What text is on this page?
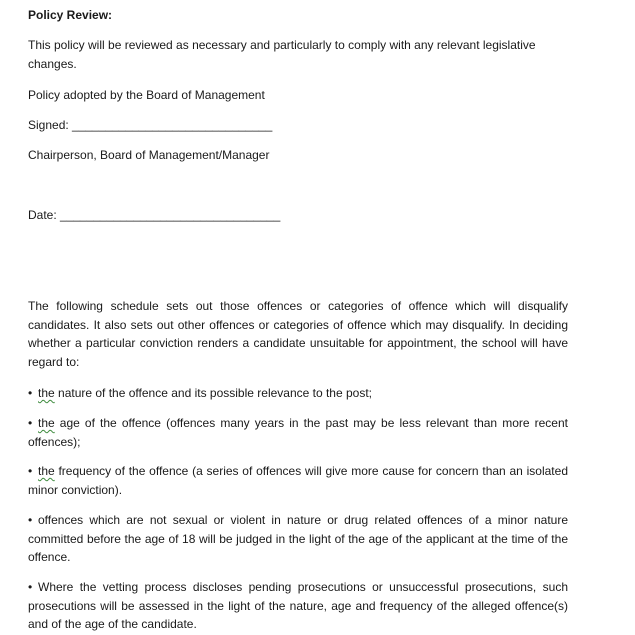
Policy Review:
This policy will be reviewed as necessary and particularly to comply with any relevant legislative changes.
Policy adopted by the Board of Management
Signed: ______________________________
Chairperson, Board of Management/Manager
Date: _________________________________
The following schedule sets out those offences or categories of offence which will disqualify candidates. It also sets out other offences or categories of offence which may disqualify. In deciding whether a particular conviction renders a candidate unsuitable for appointment, the school will have regard to:
• the nature of the offence and its possible relevance to the post;
• the age of the offence (offences many years in the past may be less relevant than more recent offences);
• the frequency of the offence (a series of offences will give more cause for concern than an isolated minor conviction).
• offences which are not sexual or violent in nature or drug related offences of a minor nature committed before the age of 18 will be judged in the light of the age of the applicant at the time of the offence.
• Where the vetting process discloses pending prosecutions or unsuccessful prosecutions, such prosecutions will be assessed in the light of the nature, age and frequency of the alleged offence(s) and of the age of the candidate.
